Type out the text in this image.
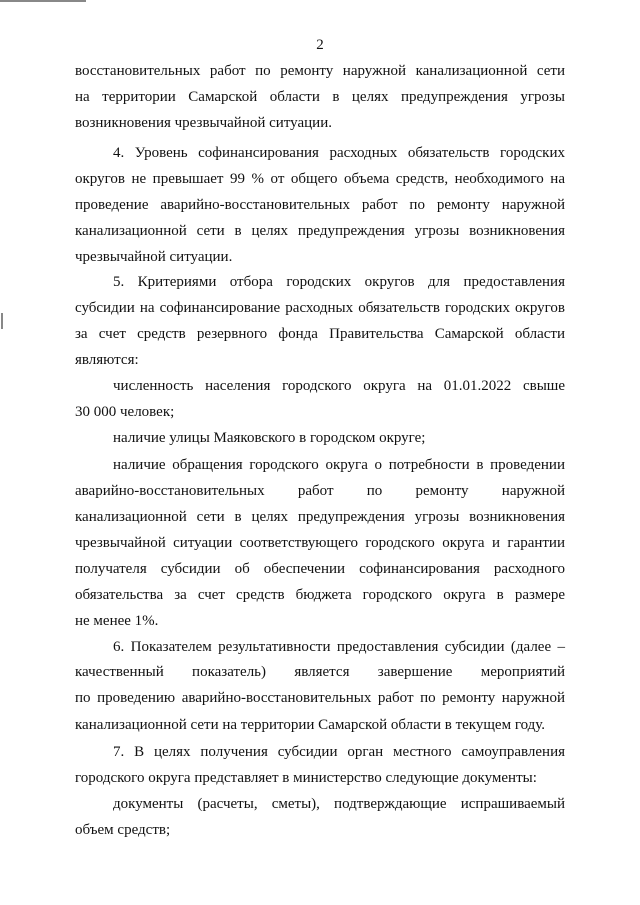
2
восстановительных работ по ремонту наружной канализационной сети
на территории Самарской области в целях предупреждения угрозы
возникновения чрезвычайной ситуации.
4. Уровень софинансирования расходных обязательств городских
округов не превышает 99 % от общего объема средств, необходимого на
проведение аварийно-восстановительных работ по ремонту наружной
канализационной сети в целях предупреждения угрозы возникновения
чрезвычайной ситуации.
5. Критериями отбора городских округов для предоставления
субсидии на софинансирование расходных обязательств городских округов
за счет средств резервного фонда Правительства Самарской области
являются:
численность населения городского округа на 01.01.2022 свыше
30 000 человек;
наличие улицы Маяковского в городском округе;
наличие обращения городского округа о потребности в проведении
аварийно-восстановительных работ по ремонту наружной
канализационной сети в целях предупреждения угрозы возникновения
чрезвычайной ситуации соответствующего городского округа и гарантии
получателя субсидии об обеспечении софинансирования расходного
обязательства за счет средств бюджета городского округа в размере
не менее 1%.
6. Показателем результативности предоставления субсидии (далее –
качественный показатель) является завершение мероприятий
по проведению аварийно-восстановительных работ по ремонту наружной
канализационной сети на территории Самарской области в текущем году.
7. В целях получения субсидии орган местного самоуправления
городского округа представляет в министерство следующие документы:
документы (расчеты, сметы), подтверждающие испрашиваемый
объем средств;
